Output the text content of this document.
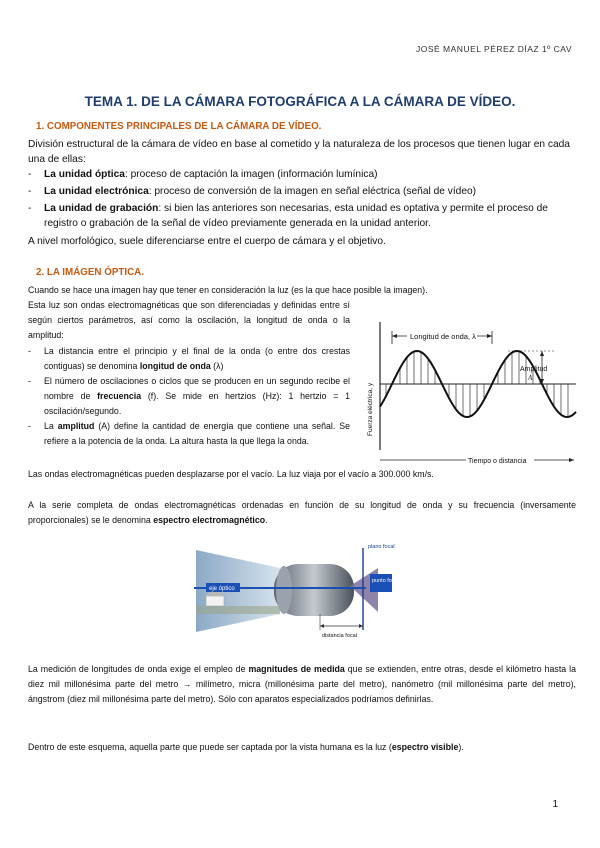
JOSÉ MANUEL PÉREZ DÍAZ 1º CAV
TEMA 1. DE LA CÁMARA FOTOGRÁFICA A LA CÁMARA DE VÍDEO.
1. COMPONENTES PRINCIPALES DE LA CÁMARA DE VÍDEO.
División estructural de la cámara de vídeo en base al cometido y la naturaleza de los procesos que tienen lugar en cada una de ellas:
- La unidad óptica: proceso de captación la imagen (información lumínica)
- La unidad electrónica: proceso de conversión de la imagen en señal eléctrica (señal de vídeo)
- La unidad de grabación: si bien las anteriores son necesarias, esta unidad es optativa y permite el proceso de registro o grabación de la señal de vídeo previamente generada en la unidad anterior.
A nivel morfológico, suele diferenciarse entre el cuerpo de cámara y el objetivo.
2. LA IMÁGEN ÓPTICA.
Cuando se hace una imagen hay que tener en consideración la luz (es la que hace posible la imagen).
Esta luz son ondas electromagnéticas que son diferenciadas y definidas entre sí según ciertos parámetros, así como la oscilación, la longitud de onda o la amplitud:
- La distancia entre el principio y el final de la onda (o entre dos crestas contiguas) se denomina longitud de onda (λ)
- El número de oscilaciones o ciclos que se producen en un segundo recibe el nombre de frecuencia (f). Se mide en hertzios (Hz): 1 hertzio = 1 oscilación/segundo.
- La amplitud (A) define la cantidad de energía que contiene una señal. Se refiere a la potencia de la onda. La altura hasta la que llega la onda.
Longitud de onda, λ
Amplitud
A
Fuerza eléctrica, y
Tiempo o distancia
Las ondas electromagnéticas pueden desplazarse por el vacío. La luz viaja por el vacío a 300.000 km/s.
A la serie completa de ondas electromagnéticas ordenadas en función de su longitud de onda y su frecuencia (inversamente proporcionales) se le denomina espectro electromagnético.
eje óptico
plano focal
punto focal
distancia focal
La medición de longitudes de onda exige el empleo de magnitudes de medida que se extienden, entre otras, desde el kilómetro hasta la diez mil millonésima parte del metro → milímetro, micra (millonésima parte del metro), nanómetro (mil millonésima parte del metro), ángstrom (diez mil millonésima parte del metro). Sólo con aparatos especializados podríamos definirlas.
Dentro de este esquema, aquella parte que puede ser captada por la vista humana es la luz (espectro visible).
1
